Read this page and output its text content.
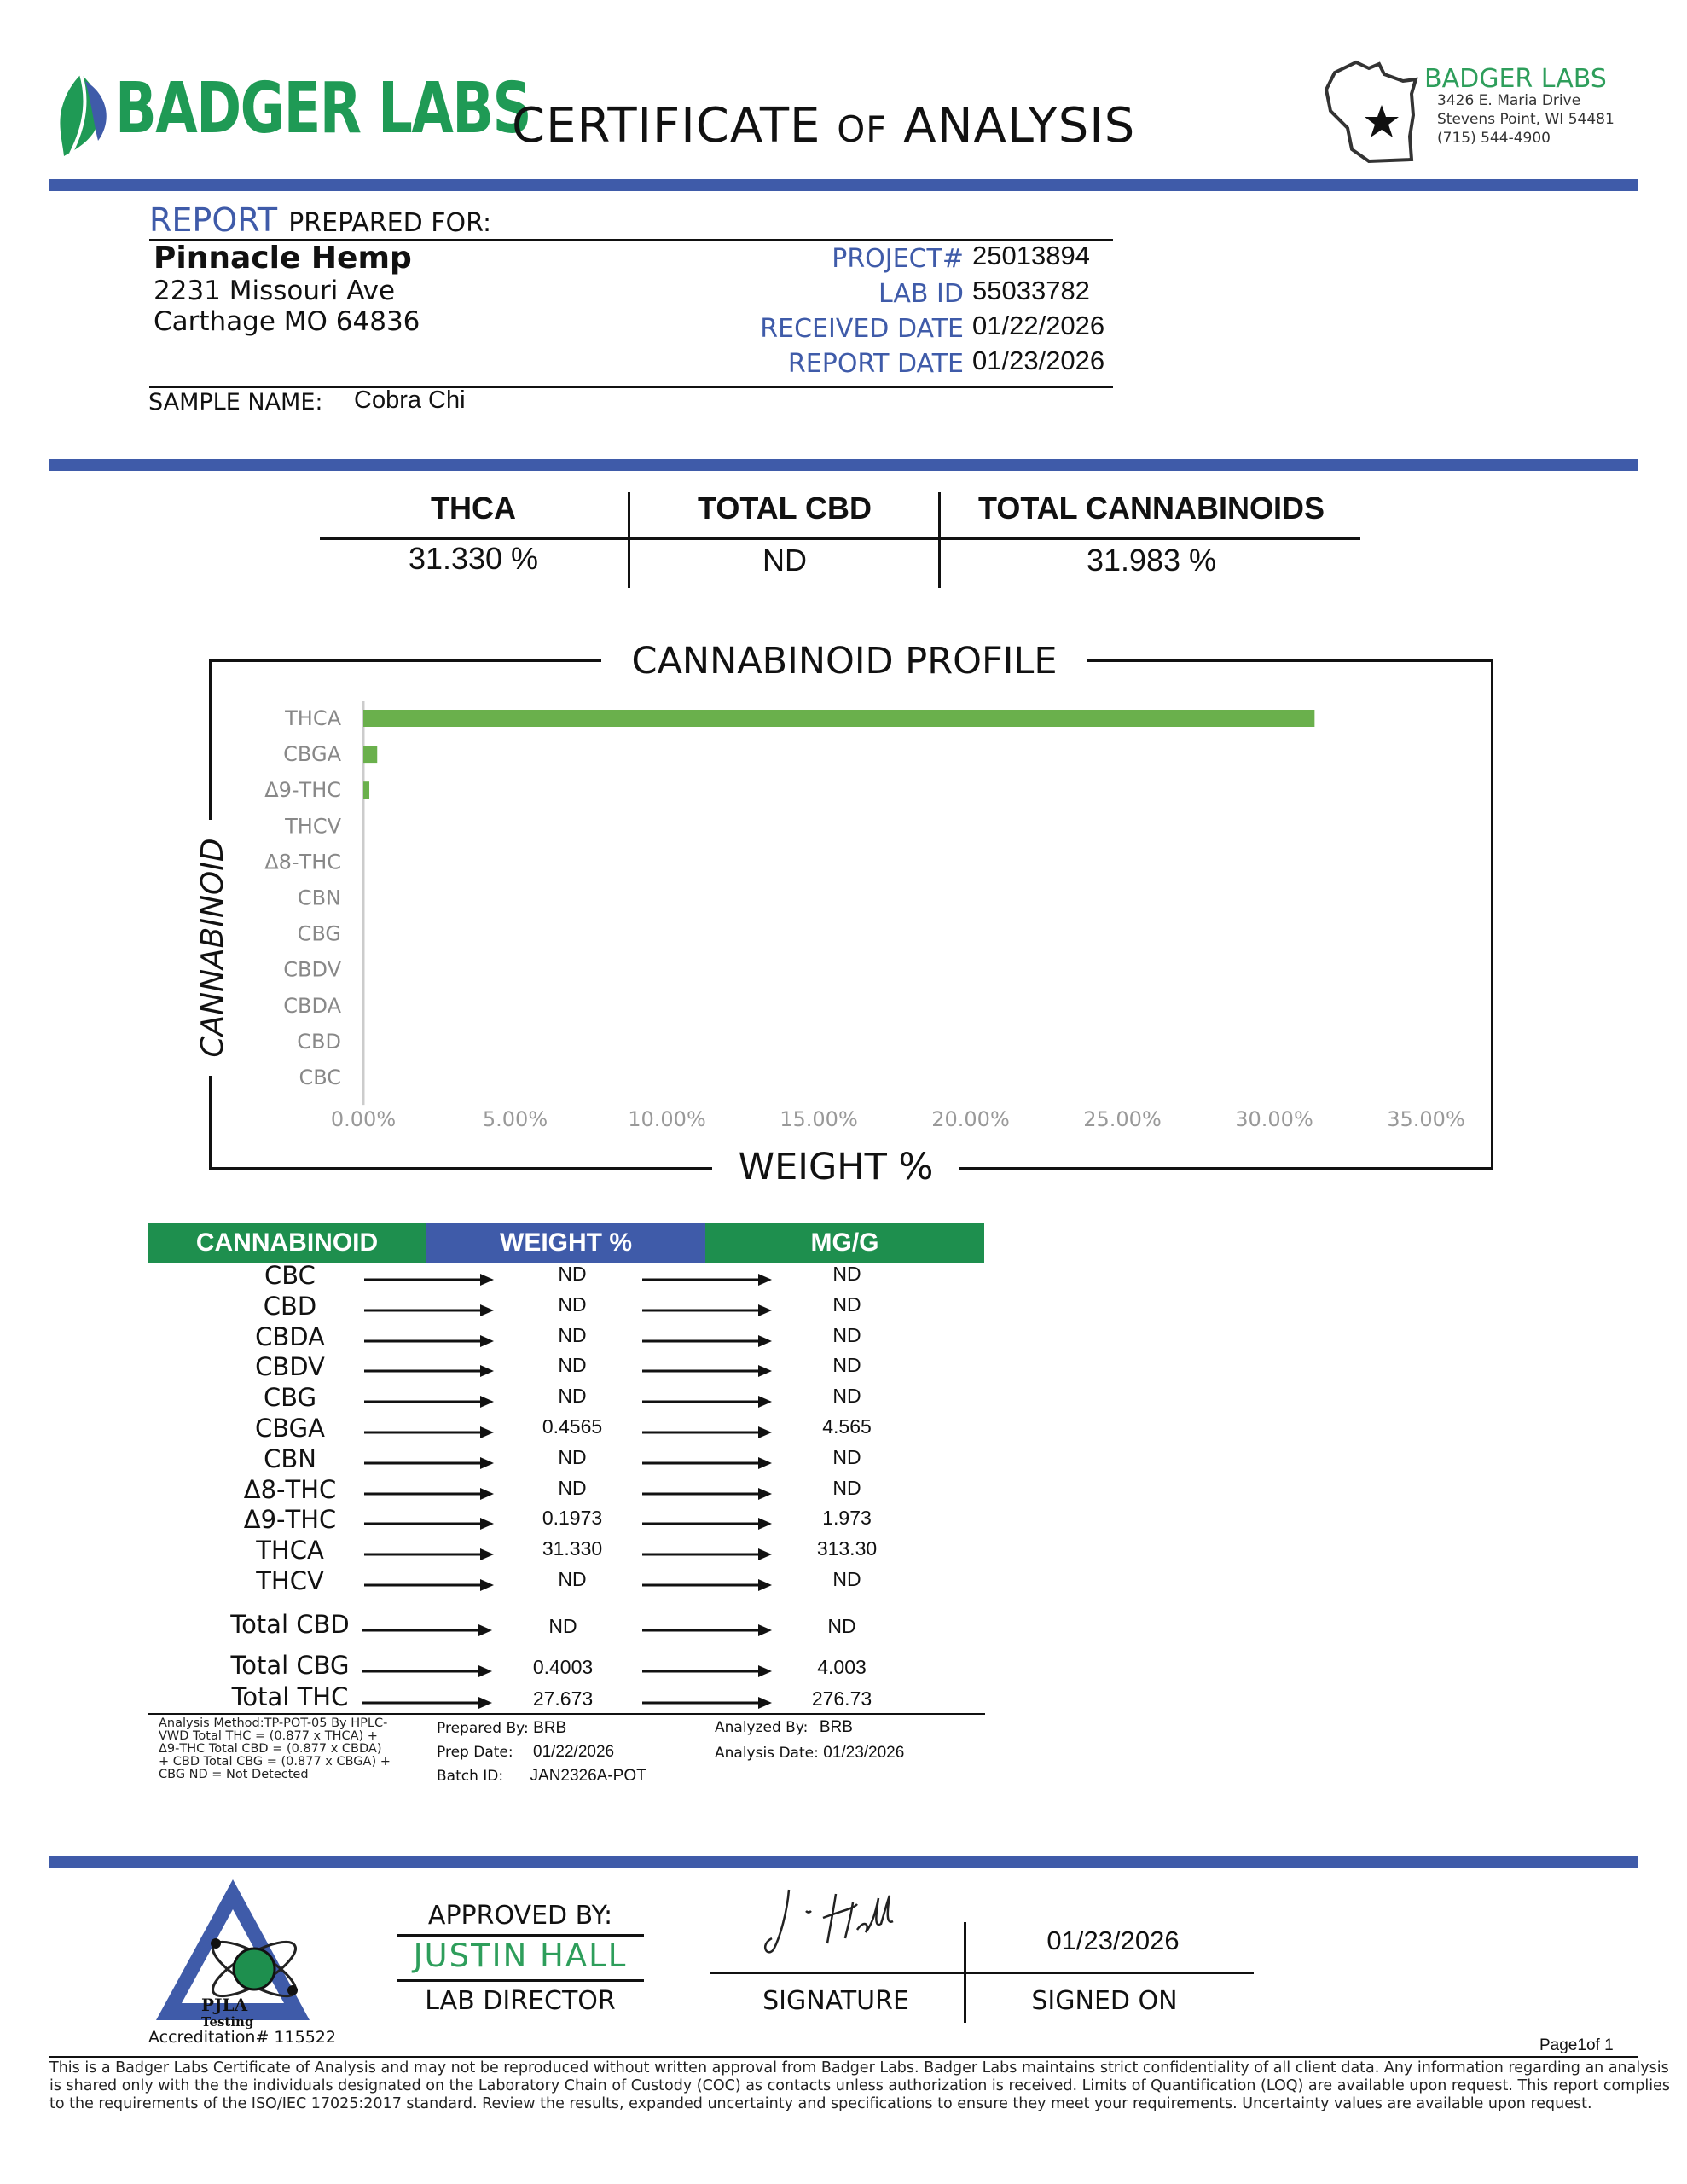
BADGER LABS
CERTIFICATE OF ANALYSIS
BADGER LABS
3426 E. Maria Drive
Stevens Point, WI 54481
(715) 544-4900
REPORT PREPARED FOR:
Pinnacle Hemp
2231 Missouri Ave
Carthage MO 64836
PROJECT# 25013894
LAB ID 55033782
RECEIVED DATE 01/22/2026
REPORT DATE 01/23/2026
SAMPLE NAME: Cobra Chi
THCA	TOTAL CBD	TOTAL CANNABINOIDS
31.330 %	ND	31.983 %
CANNABINOID PROFILE
WEIGHT %
CANNABINOID
THCA
CBGA
Δ9-THC
THCV
Δ8-THC
CBN
CBG
CBDV
CBDA
CBD
CBC
0.00%	5.00%	10.00%	15.00%	20.00%	25.00%	30.00%	35.00%
CANNABINOID	WEIGHT %	MG/G
CBC	ND	ND
CBD	ND	ND
CBDA	ND	ND
CBDV	ND	ND
CBG	ND	ND
CBGA	0.4565	4.565
CBN	ND	ND
Δ8-THC	ND	ND
Δ9-THC	0.1973	1.973
THCA	31.330	313.30
THCV	ND	ND
Total CBD	ND	ND
Total CBG	0.4003	4.003
Total THC	27.673	276.73
Analysis Method:TP-POT-05 By HPLC-VWD Total THC = (0.877 x THCA) + Δ9-THC Total CBD = (0.877 x CBDA) + CBD Total CBG = (0.877 x CBGA) + CBG ND = Not Detected
Prepared By: BRB
Prep Date: 01/22/2026
Batch ID: JAN2326A-POT
Analyzed By: BRB
Analysis Date: 01/23/2026
PJLA
Testing
Accreditation# 115522
APPROVED BY:
JUSTIN HALL
LAB DIRECTOR	SIGNATURE
01/23/2026
SIGNED ON
Page1of 1
This is a Badger Labs Certificate of Analysis and may not be reproduced without written approval from Badger Labs. Badger Labs maintains strict confidentiality of all client data. Any information regarding an analysis is shared only with the the individuals designated on the Laboratory Chain of Custody (COC) as contacts unless authorization is received. Limits of Quantification (LOQ) are available upon request. This report complies to the requirements of the ISO/IEC 17025:2017 standard. Review the results, expanded uncertainty and specifications to ensure they meet your requirements. Uncertainty values are available upon request.
